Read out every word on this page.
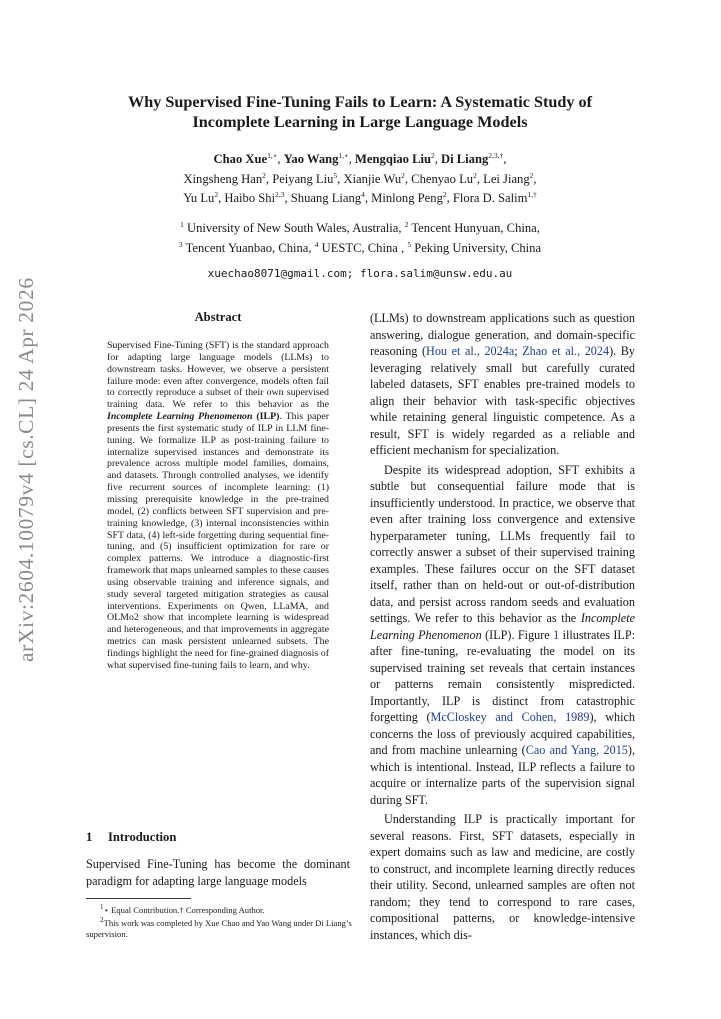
arXiv:2604.10079v4 [cs.CL] 24 Apr 2026
Why Supervised Fine-Tuning Fails to Learn: A Systematic Study of
Incomplete Learning in Large Language Models
Chao Xue$^{1,⋆}$, Yao Wang$^{1,⋆}$, Mengqiao Liu$^2$, Di Liang$^{2,3,\dagger}$,
Xingsheng Han$^2$, Peiyang Liu$^5$, Xianjie Wu$^2$, Chenyao Lu$^2$, Lei Jiang$^2$,
Yu Lu$^2$, Haibo Shi$^{2,3}$, Shuang Liang$^4$, Minlong Peng$^2$, Flora D. Salim$^{1,\dagger}$
$^1$ University of New South Wales, Australia, $^2$ Tencent Hunyuan, China,
$^3$ Tencent Yuanbao, China, $^4$ UESTC, China , $^5$ Peking University, China
xuechao8071@gmail.com; flora.salim@unsw.edu.au
Abstract
Supervised Fine-Tuning (SFT) is the standard approach for adapting large language models (LLMs) to downstream tasks. However, we observe a persistent failure mode: even after convergence, models often fail to correctly reproduce a subset of their own supervised training data. We refer to this behavior as the Incomplete Learning Phenomenon (ILP). This paper presents the first systematic study of ILP in LLM fine-tuning. We formalize ILP as post-training failure to internalize supervised instances and demonstrate its prevalence across multiple model families, domains, and datasets. Through controlled analyses, we identify five recurrent sources of incomplete learning: (1) missing prerequisite knowledge in the pre-trained model, (2) conflicts between SFT supervision and pre-training knowledge, (3) internal inconsistencies within SFT data, (4) left-side forgetting during sequential fine-tuning, and (5) insufficient optimization for rare or complex patterns. We introduce a diagnostic-first framework that maps unlearned samples to these causes using observable training and inference signals, and study several targeted mitigation strategies as causal interventions. Experiments on Qwen, LLaMA, and OLMo2 show that incomplete learning is widespread and heterogeneous, and that improvements in aggregate metrics can mask persistent unlearned subsets. The findings highlight the need for fine-grained diagnosis of what supervised fine-tuning fails to learn, and why.
1 Introduction
Supervised Fine-Tuning has become the dominant paradigm for adapting large language models

$^1$⋆ Equal Contribution.† Corresponding Author.

$^2$This work was completed by Xue Chao and Yao Wang under Di Liang’s supervision.

(LLMs) to downstream applications such as question answering, dialogue generation, and domain-specific reasoning (Hou et al., 2024a; Zhao et al., 2024). By leveraging relatively small but carefully curated labeled datasets, SFT enables pre-trained models to align their behavior with task-specific objectives while retaining general linguistic competence. As a result, SFT is widely regarded as a reliable and efficient mechanism for specialization.

Despite its widespread adoption, SFT exhibits a subtle but consequential failure mode that is insufficiently understood. In practice, we observe that even after training loss convergence and extensive hyperparameter tuning, LLMs frequently fail to correctly answer a subset of their supervised training examples. These failures occur on the SFT dataset itself, rather than on held-out or out-of-distribution data, and persist across random seeds and evaluation settings. We refer to this behavior as the Incomplete Learning Phenomenon (ILP). Figure 1 illustrates ILP: after fine-tuning, re-evaluating the model on its supervised training set reveals that certain instances or patterns remain consistently mispredicted. Importantly, ILP is distinct from catastrophic forgetting (McCloskey and Cohen, 1989), which concerns the loss of previously acquired capabilities, and from machine unlearning (Cao and Yang, 2015), which is intentional. Instead, ILP reflects a failure to acquire or internalize parts of the supervision signal during SFT.

Understanding ILP is practically important for several reasons. First, SFT datasets, especially in expert domains such as law and medicine, are costly to construct, and incomplete learning directly reduces their utility. Second, unlearned samples are often not random; they tend to correspond to rare cases, compositional patterns, or knowledge-intensive instances, which dis-
